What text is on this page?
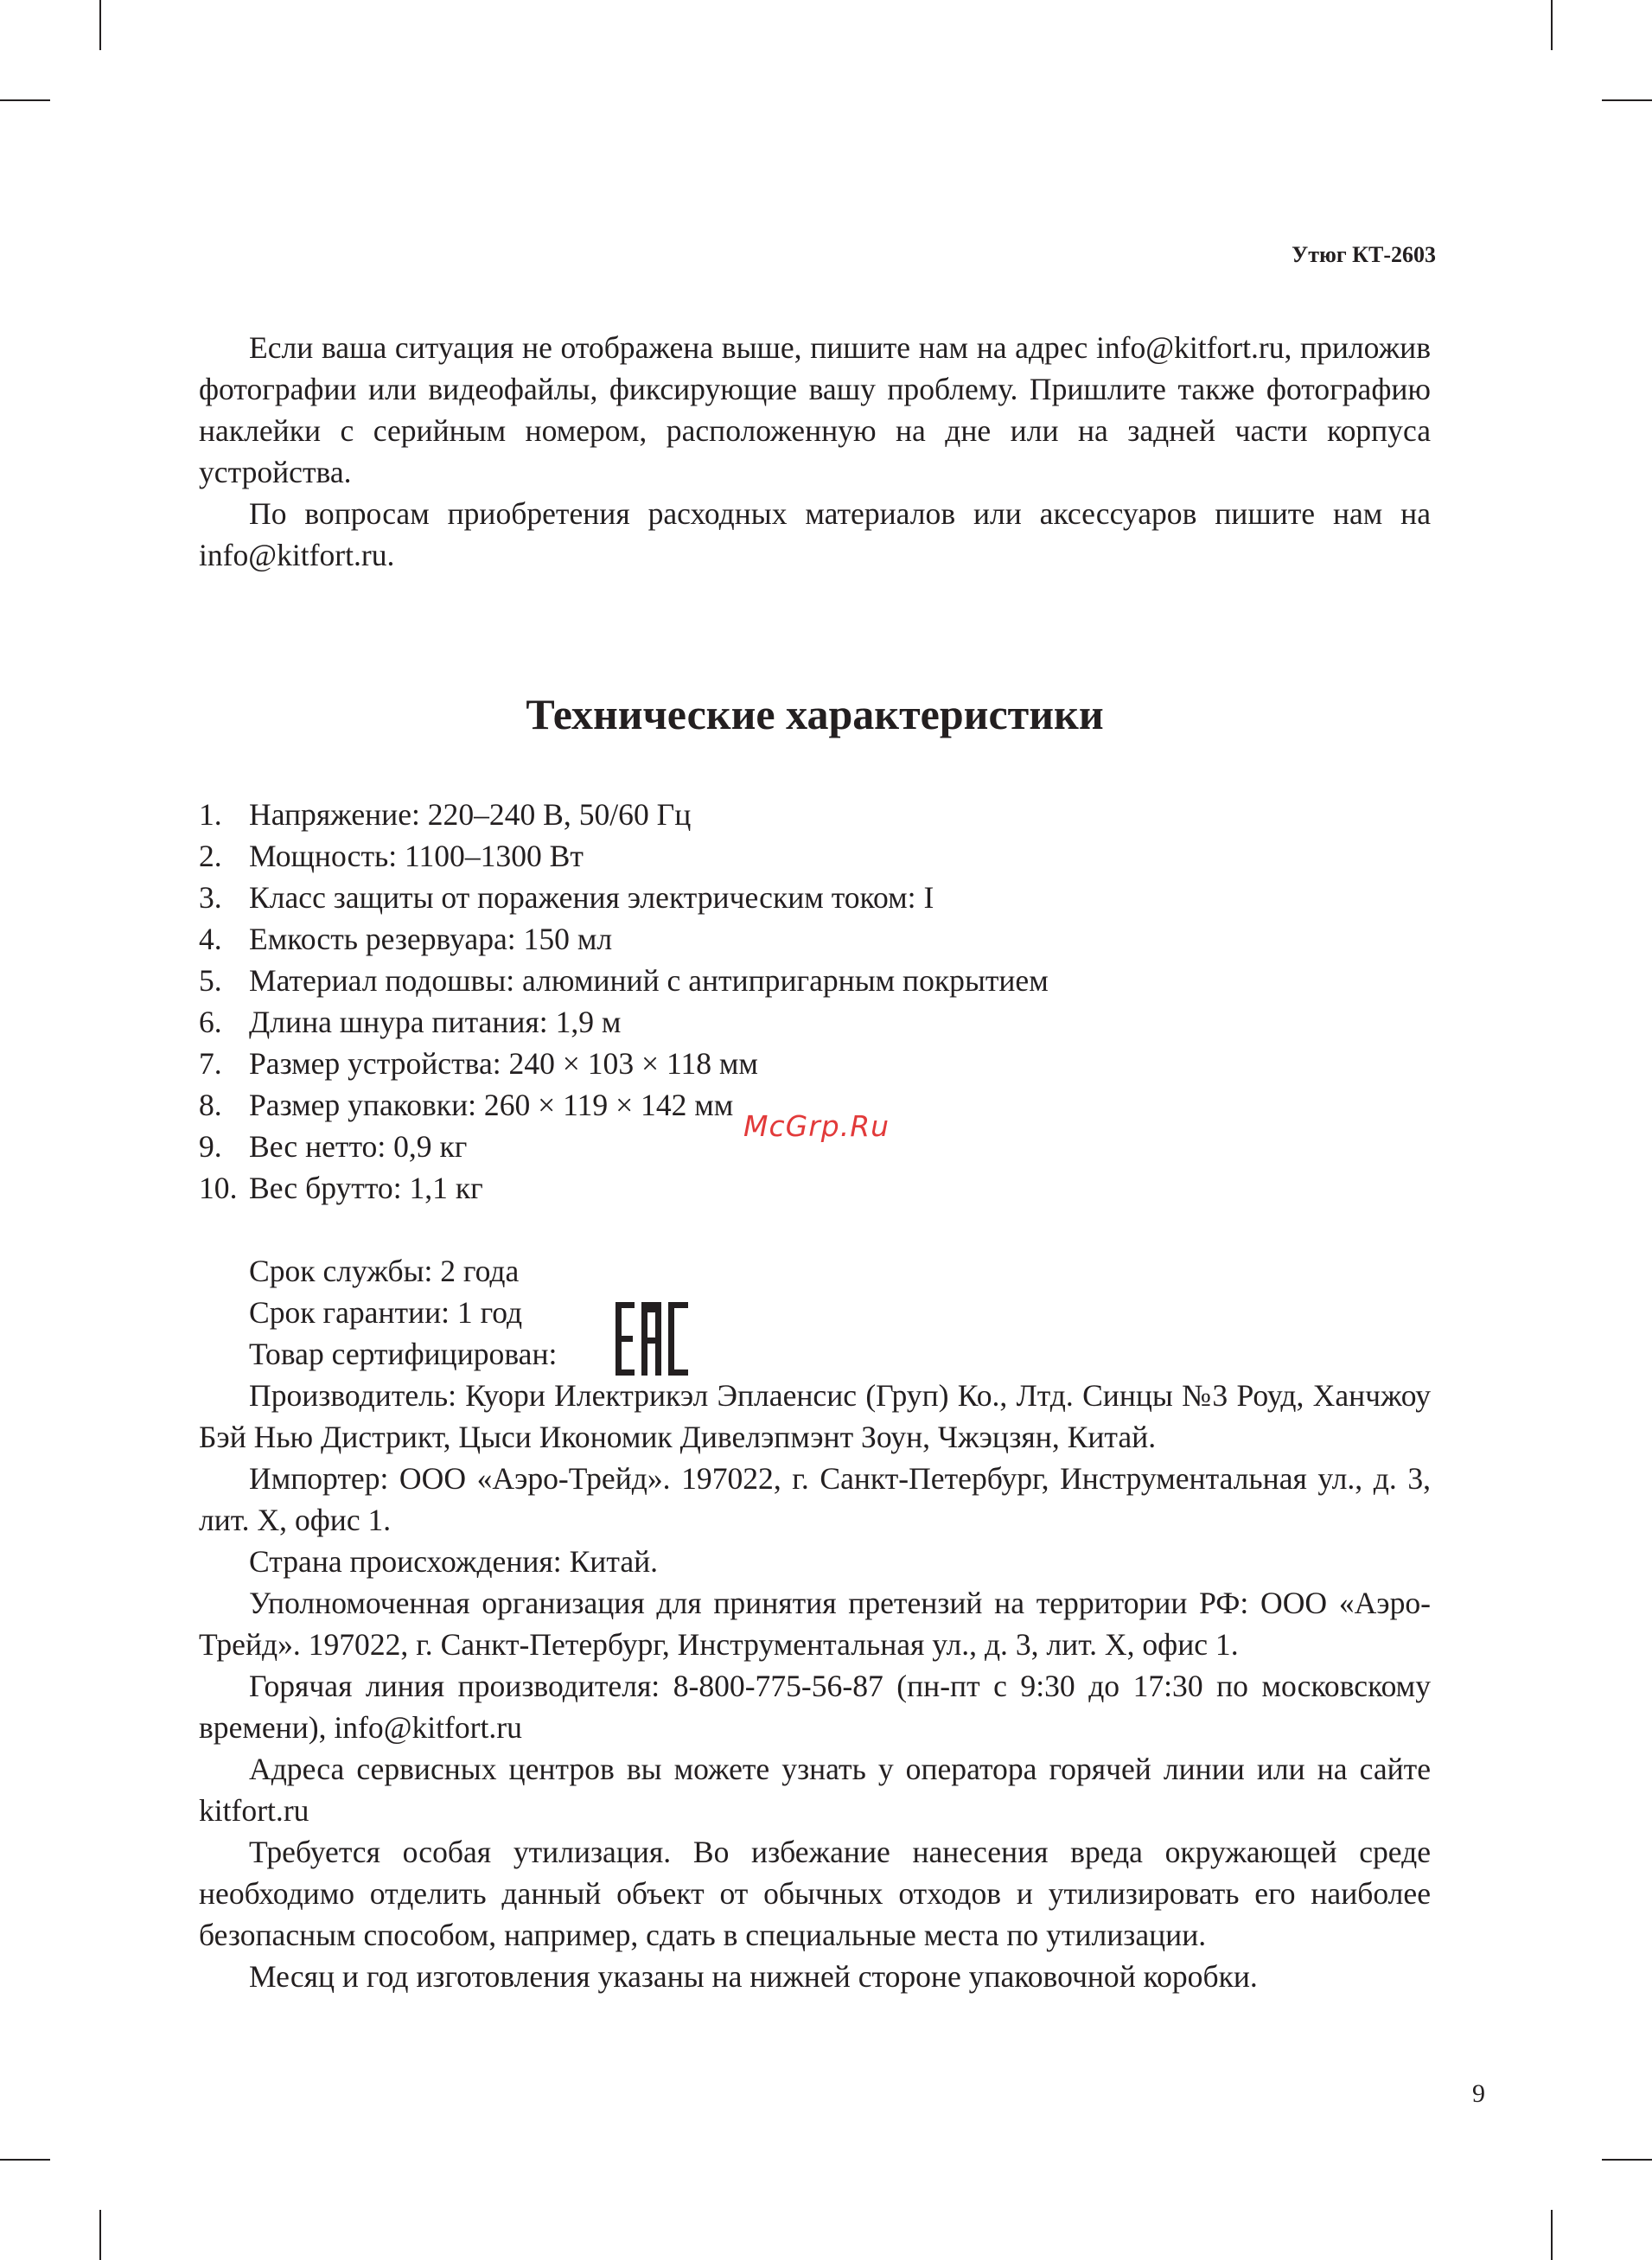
Утюг КТ-2603

Если ваша ситуация не отображена выше, пишите нам на адрес info@kitfort.ru, приложив фотографии или видеофайлы, фиксирующие вашу проблему. Пришлите также фотографию наклейки с серийным номером, расположенную на дне или на задней части корпуса устройства.

По вопросам приобретения расходных материалов или аксессуаров пишите нам на info@kitfort.ru.

Технические характеристики
1. Напряжение: 220–240 В, 50/60 Гц
2. Мощность: 1100–1300 Вт
3. Класс защиты от поражения электрическим током: I
4. Емкость резервуара: 150 мл
5. Материал подошвы: алюминий с антипригарным покрытием
6. Длина шнура питания: 1,9 м
7. Размер устройства: 240 × 103 × 118 мм
8. Размер упаковки: 260 × 119 × 142 мм
9. Вес нетто: 0,9 кг
10. Вес брутто: 1,1 кг

Срок службы: 2 года

Срок гарантии: 1 год

Товар сертифицирован:

Производитель: Куори Илектрикэл Эплаенсис (Груп) Ко., Лтд. Синцы №3 Роуд, Ханчжоу Бэй Нью Дистрикт, Цыси Икономик Дивелэпмэнт Зоун, Чжэцзян, Китай.

Импортер: ООО «Аэро-Трейд». 197022, г. Санкт-Петербург, Инструментальная ул., д. 3, лит. Х, офис 1.

Страна происхождения: Китай.

Уполномоченная организация для принятия претензий на территории РФ: ООО «Аэро-Трейд». 197022, г. Санкт-Петербург, Инструментальная ул., д. 3, лит. Х, офис 1.

Горячая линия производителя: 8-800-775-56-87 (пн-пт с 9:30 до 17:30 по московскому времени), info@kitfort.ru

Адреса сервисных центров вы можете узнать у оператора горячей линии или на сайте kitfort.ru

Требуется особая утилизация. Во избежание нанесения вреда окружающей среде необходимо отделить данный объект от обычных отходов и утилизировать его наиболее безопасным способом, например, сдать в специальные места по утилизации.

Месяц и год изготовления указаны на нижней стороне упаковочной коробки.

McGrp.Ru
9
